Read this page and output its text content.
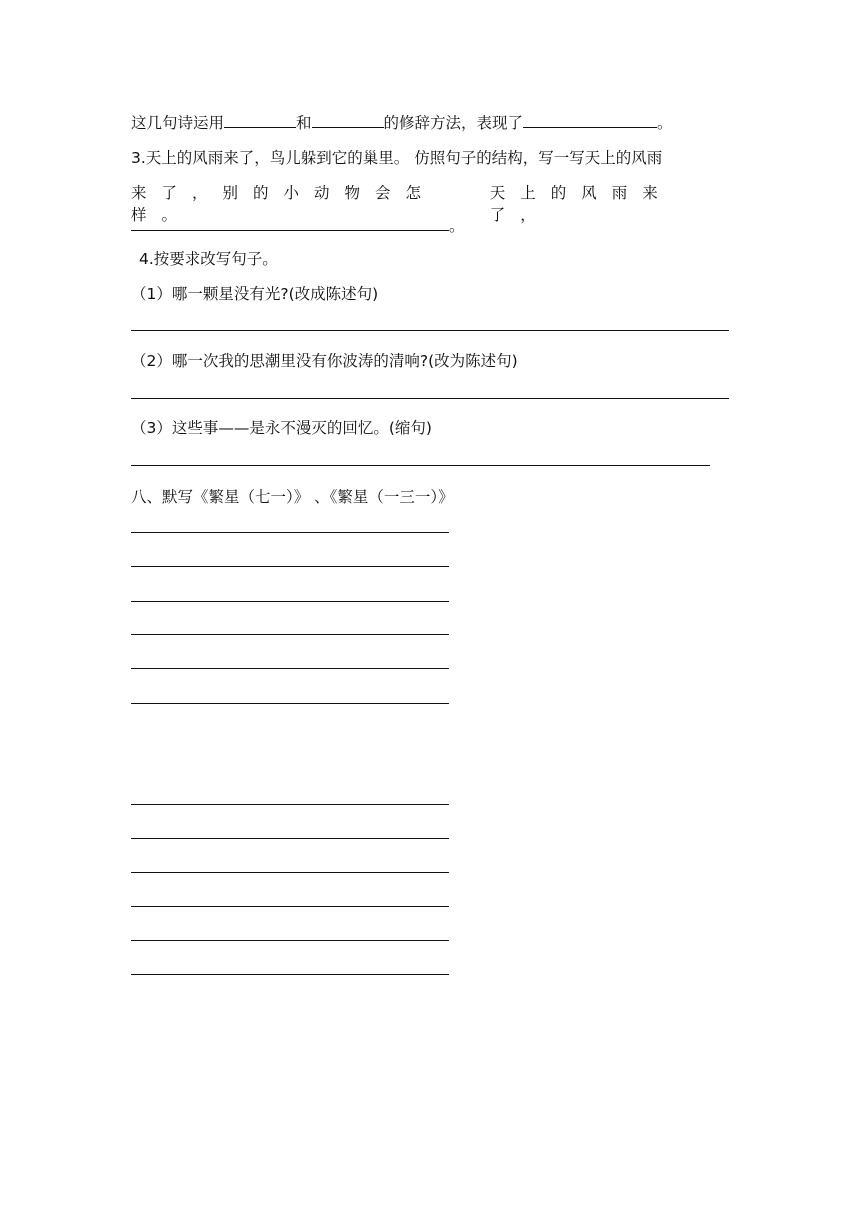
这几句诗运用	和	的修辞方法，表现了	。
3.天上的风雨来了，鸟儿躲到它的巢里。 仿照句子的结构，写一写天上的风雨
来了，别的小动物会怎样。
天上的风雨来了，
。
4.按要求改写句子。
（1）哪一颗星没有光?(改成陈述句)
（2）哪一次我的思潮里没有你波涛的清响?(改为陈述句)
（3）这些事——是永不漫灭的回忆。(缩句)
八、默写《繁星（七一）》 、《繁星（一三一）》
